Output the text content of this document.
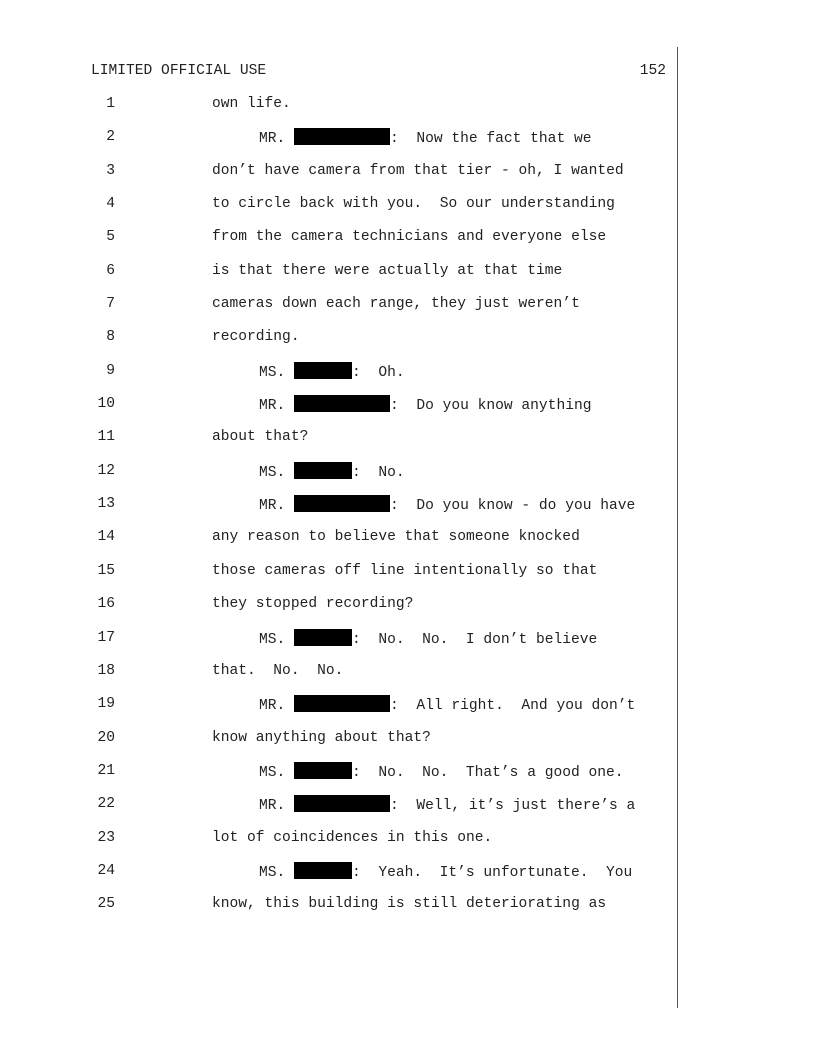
LIMITED OFFICIAL USE	152
1	own life.
2	MR.	:  Now the fact that we
3	don’t have camera from that tier - oh, I wanted
4	to circle back with you.  So our understanding
5	from the camera technicians and everyone else
6	is that there were actually at that time
7	cameras down each range, they just weren’t
8	recording.
9	MS.	:  Oh.
10	MR.	:  Do you know anything
11	about that?
12	MS.	:  No.
13	MR.	:  Do you know - do you have
14	any reason to believe that someone knocked
15	those cameras off line intentionally so that
16	they stopped recording?
17	MS.	:  No.  No.  I don’t believe
18	that.  No.  No.
19	MR.	:  All right.  And you don’t
20	know anything about that?
21	MS.	:  No.  No.  That’s a good one.
22	MR.	:  Well, it’s just there’s a
23	lot of coincidences in this one.
24	MS.	:  Yeah.  It’s unfortunate.  You
25	know, this building is still deteriorating as
